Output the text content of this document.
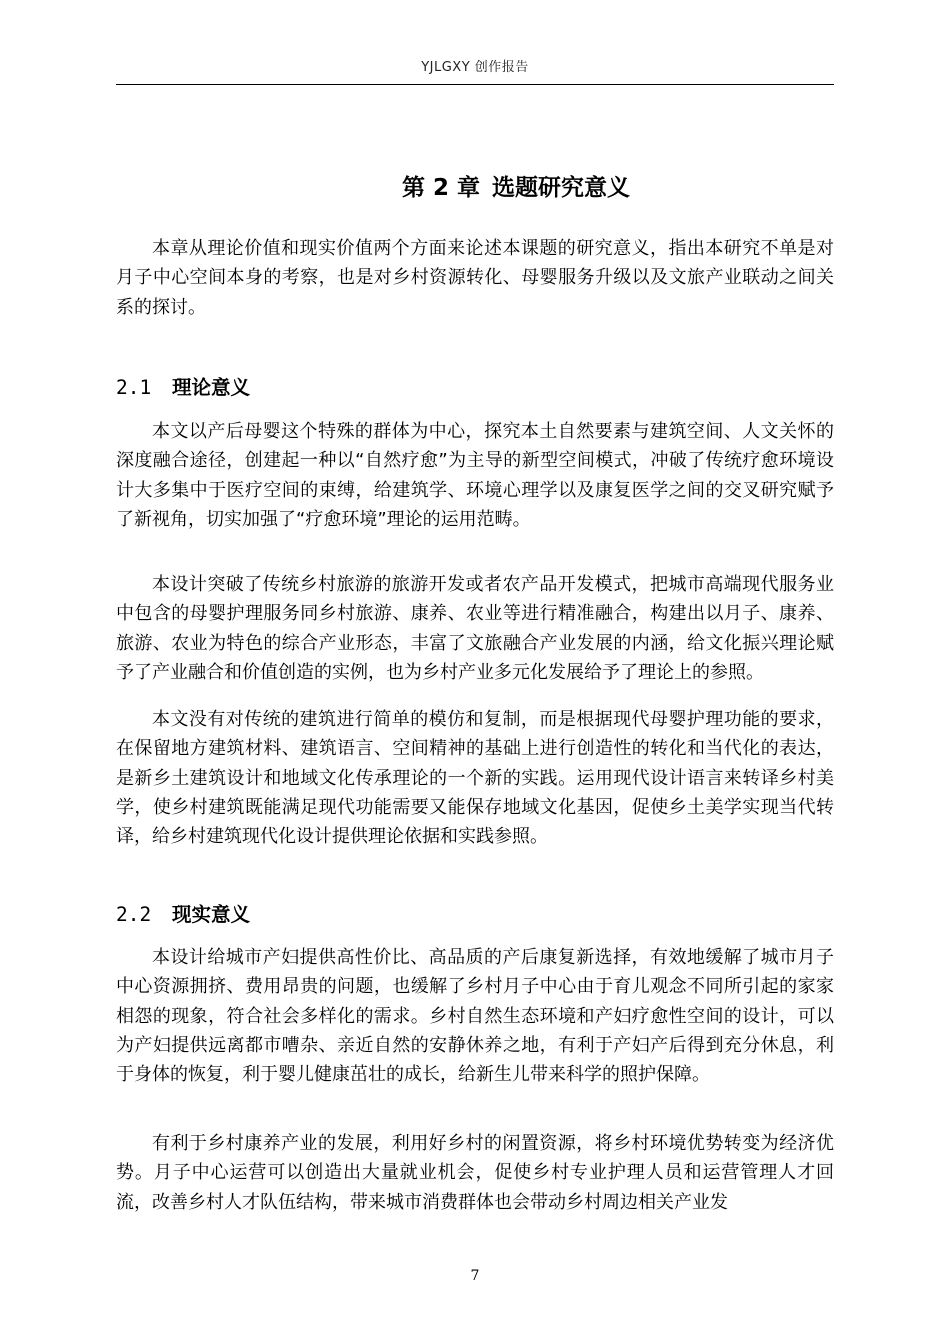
YJLGXY 创作报告
第 2 章 选题研究意义

本章从理论价值和现实价值两个方面来论述本课题的研究意义，指出本研究不单是对月子中心空间本身的考察，也是对乡村资源转化、母婴服务升级以及文旅产业联动之间关系的探讨。

2.1 理论意义

本文以产后母婴这个特殊的群体为中心，探究本土自然要素与建筑空间、人文关怀的深度融合途径，创建起一种以“自然疗愈”为主导的新型空间模式，冲破了传统疗愈环境设计大多集中于医疗空间的束缚，给建筑学、环境心理学以及康复医学之间的交叉研究赋予了新视角，切实加强了“疗愈环境”理论的运用范畴。

本设计突破了传统乡村旅游的旅游开发或者农产品开发模式，把城市高端现代服务业中包含的母婴护理服务同乡村旅游、康养、农业等进行精准融合，构建出以月子、康养、旅游、农业为特色的综合产业形态，丰富了文旅融合产业发展的内涵，给文化振兴理论赋予了产业融合和价值创造的实例，也为乡村产业多元化发展给予了理论上的参照。

本文没有对传统的建筑进行简单的模仿和复制，而是根据现代母婴护理功能的要求，在保留地方建筑材料、建筑语言、空间精神的基础上进行创造性的转化和当代化的表达，是新乡土建筑设计和地域文化传承理论的一个新的实践。运用现代设计语言来转译乡村美学，使乡村建筑既能满足现代功能需要又能保存地域文化基因，促使乡土美学实现当代转译，给乡村建筑现代化设计提供理论依据和实践参照。

2.2 现实意义

本设计给城市产妇提供高性价比、高品质的产后康复新选择，有效地缓解了城市月子中心资源拥挤、费用昂贵的问题，也缓解了乡村月子中心由于育儿观念不同所引起的家家相怨的现象，符合社会多样化的需求。乡村自然生态环境和产妇疗愈性空间的设计，可以为产妇提供远离都市嘈杂、亲近自然的安静休养之地，有利于产妇产后得到充分休息，利于身体的恢复，利于婴儿健康茁壮的成长，给新生儿带来科学的照护保障。

有利于乡村康养产业的发展，利用好乡村的闲置资源，将乡村环境优势转变为经济优势。月子中心运营可以创造出大量就业机会，促使乡村专业护理人员和运营管理人才回流，改善乡村人才队伍结构，带来城市消费群体也会带动乡村周边相关产业发

7
